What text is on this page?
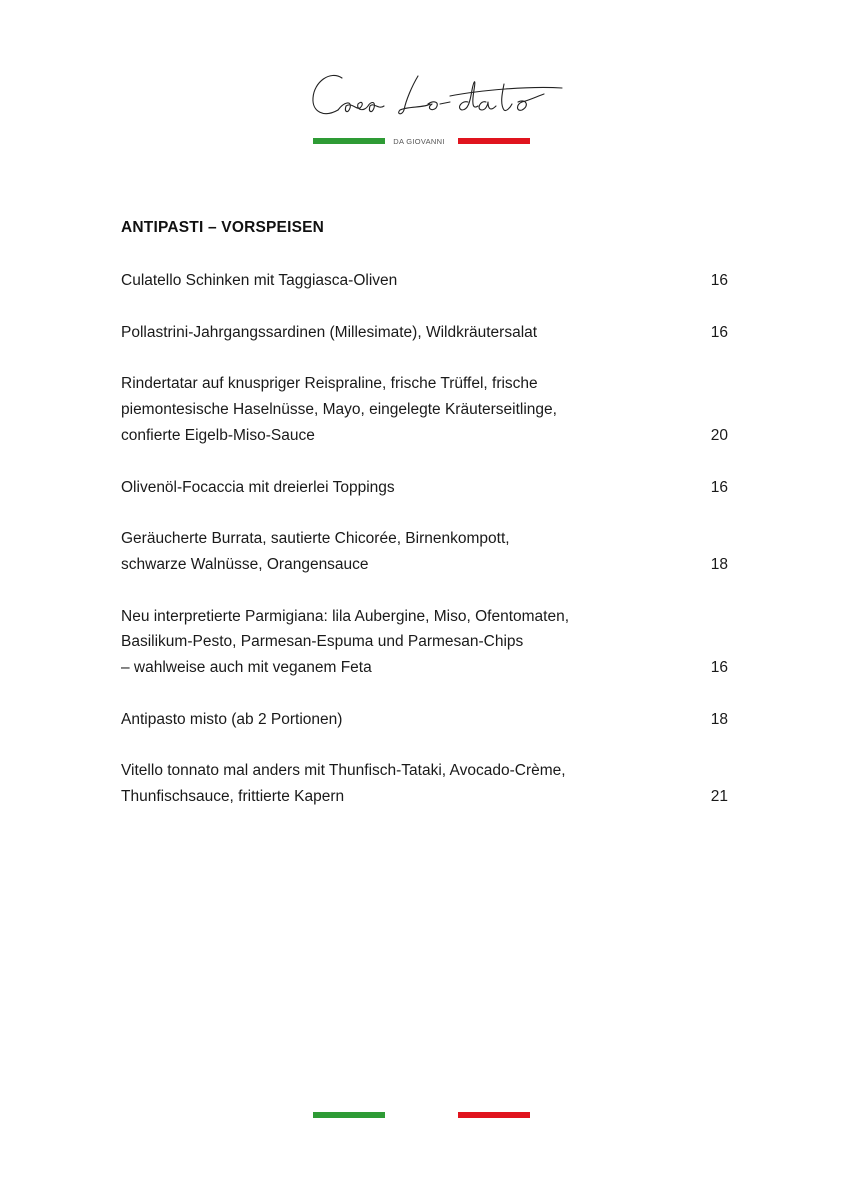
DA GIOVANNI
ANTIPASTI – VORSPEISEN
Culatello Schinken mit Taggiasca-Oliven	16
Pollastrini-Jahrgangssardinen (Millesimate), Wildkräutersalat	16
Rindertatar auf knuspriger Reispraline, frische Trüffel, frische
piemontesische Haselnüsse, Mayo, eingelegte Kräuterseitlinge,
confierte Eigelb-Miso-Sauce	20
Olivenöl-Focaccia mit dreierlei Toppings	16
Geräucherte Burrata, sautierte Chicorée, Birnenkompott,
schwarze Walnüsse, Orangensauce	18
Neu interpretierte Parmigiana: lila Aubergine, Miso, Ofentomaten,
Basilikum-Pesto, Parmesan-Espuma und Parmesan-Chips
– wahlweise auch mit veganem Feta	16
Antipasto misto (ab 2 Portionen)	18
Vitello tonnato mal anders mit Thunfisch-Tataki, Avocado-Crème,
Thunfischsauce, frittierte Kapern	21
